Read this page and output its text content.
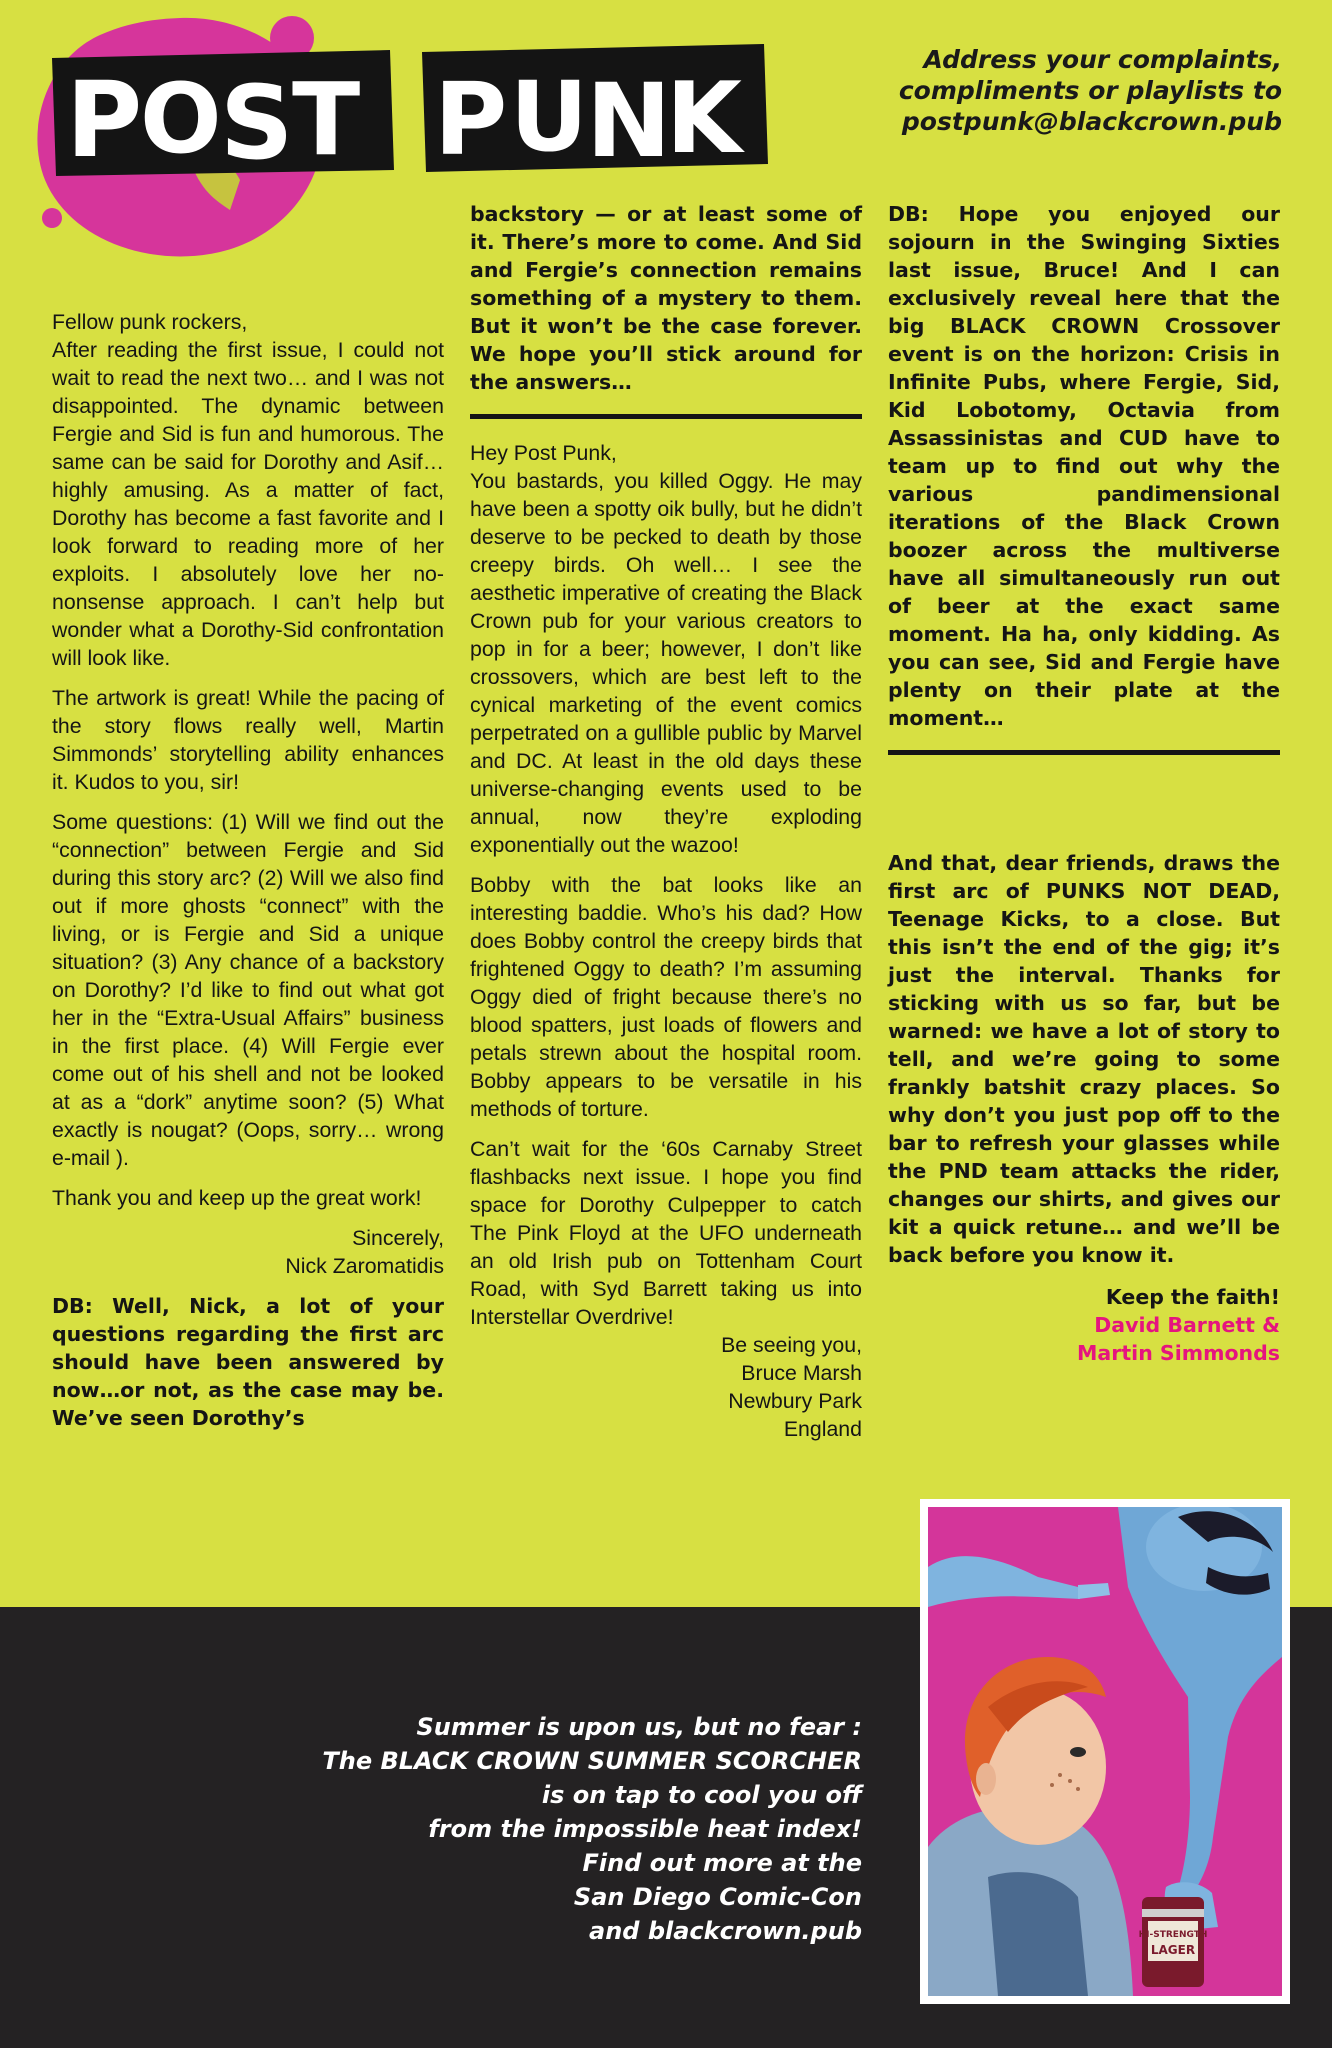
P
O
S
T P U
N
K
Address your complaints,
compliments or playlists to
postpunk@blackcrown.pub

Fellow punk rockers,
After reading the first issue, I could not wait to read the next two… and I was not disappointed. The dynamic between Fergie and Sid is fun and humorous. The same can be said for Dorothy and Asif… highly amusing. As a matter of fact, Dorothy has become a fast favorite and I look forward to reading more of her exploits. I absolutely love her no-nonsense approach. I can’t help but wonder what a Dorothy-Sid confrontation will look like.

The artwork is great! While the pacing of the story flows really well, Martin Simmonds’ storytelling ability enhances it. Kudos to you, sir!

Some questions: (1) Will we find out the “connection” between Fergie and Sid during this story arc? (2) Will we also find out if more ghosts “connect” with the living, or is Fergie and Sid a unique situation? (3) Any chance of a backstory on Dorothy? I’d like to find out what got her in the “Extra-Usual Affairs” business in the first place. (4) Will Fergie ever come out of his shell and not be looked at as a “dork” anytime soon? (5) What exactly is nougat? (Oops, sorry… wrong e-mail ).

Thank you and keep up the great work!

Sincerely,
Nick Zaromatidis

DB: Well, Nick, a lot of your questions regarding the first arc should have been answered by now…or not, as the case may be. We’ve seen Dorothy’s

backstory — or at least some of it. There’s more to come. And Sid and Fergie’s connection remains something of a mystery to them. But it won’t be the case forever. We hope you’ll stick around for the answers…

Hey Post Punk,
You bastards, you killed Oggy. He may have been a spotty oik bully, but he didn’t deserve to be pecked to death by those creepy birds. Oh well… I see the aesthetic imperative of creating the Black Crown pub for your various creators to pop in for a beer; however, I don’t like crossovers, which are best left to the cynical marketing of the event comics perpetrated on a gullible public by Marvel and DC. At least in the old days these universe-changing events used to be annual, now they’re exploding exponentially out the wazoo!

Bobby with the bat looks like an interesting baddie. Who’s his dad? How does Bobby control the creepy birds that frightened Oggy to death? I’m assuming Oggy died of fright because there’s no blood spatters, just loads of flowers and petals strewn about the hospital room. Bobby appears to be versatile in his methods of torture.

Can’t wait for the ‘60s Carnaby Street flashbacks next issue. I hope you find space for Dorothy Culpepper to catch The Pink Floyd at the UFO underneath an old Irish pub on Tottenham Court Road, with Syd Barrett taking us into Interstellar Overdrive!

Be seeing you,
Bruce Marsh
Newbury Park
England

DB: Hope you enjoyed our sojourn in the Swinging Sixties last issue, Bruce! And I can exclusively reveal here that the big BLACK CROWN Crossover event is on the horizon: Crisis in Infinite Pubs, where Fergie, Sid, Kid Lobotomy, Octavia from Assassinistas and CUD have to team up to find out why the various pandimensional iterations of the Black Crown boozer across the multiverse have all simultaneously run out of beer at the exact same moment. Ha ha, only kidding. As you can see, Sid and Fergie have plenty on their plate at the moment…

And that, dear friends, draws the first arc of PUNKS NOT DEAD, Teenage Kicks, to a close. But this isn’t the end of the gig; it’s just the interval. Thanks for sticking with us so far, but be warned: we have a lot of story to tell, and we’re going to some frankly batshit crazy places. So why don’t you just pop off to the bar to refresh your glasses while the PND team attacks the rider, changes our shirts, and gives our kit a quick retune… and we’ll be back before you know it.

Keep the faith!
David Barnett &
Martin Simmonds
Summer is upon us, but no fear :
The BLACK CROWN SUMMER SCORCHER
is on tap to cool you off
from the impossible heat index!
Find out more at the
San Diego Comic-Con
and blackcrown.pub	HI-STRENGTH
LAGER
